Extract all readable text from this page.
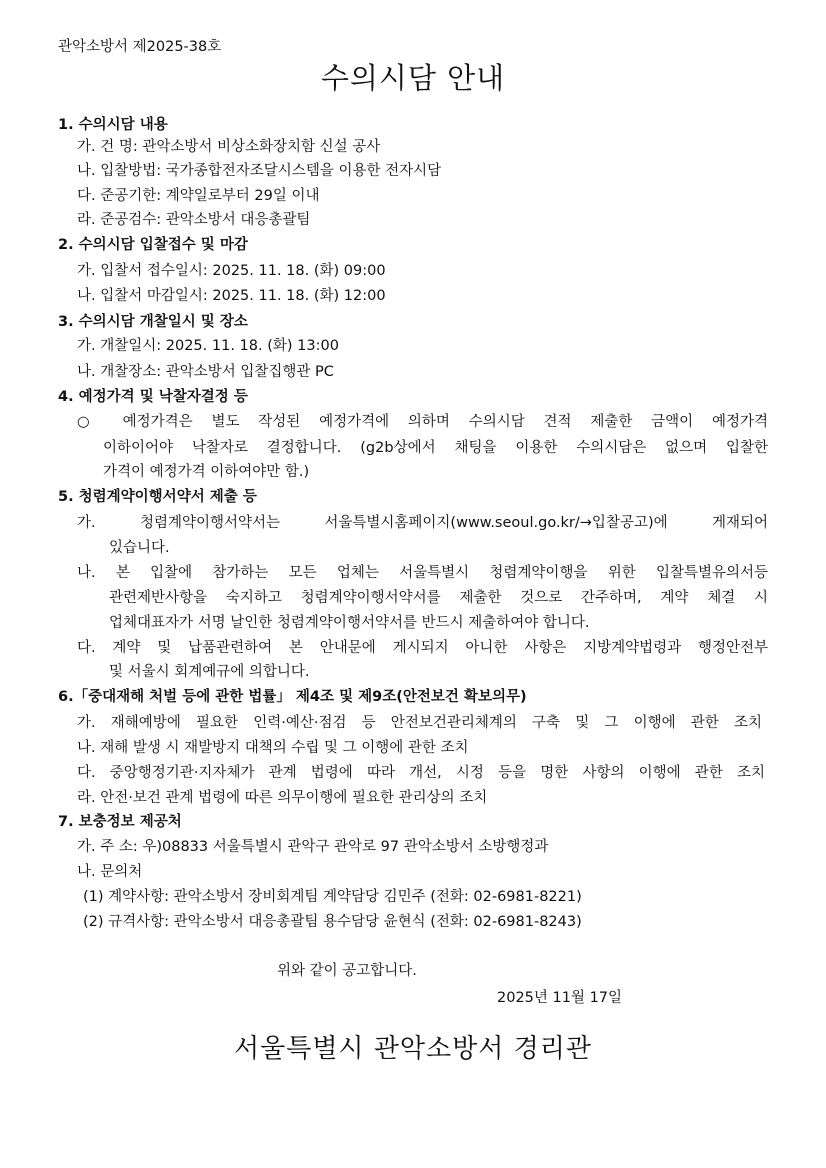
관악소방서 제2025-38호
수의시담 안내
1. 수의시담 내용
가. 건 명: 관악소방서 비상소화장치함 신설 공사
나. 입찰방법: 국가종합전자조달시스템을 이용한 전자시담
다. 준공기한: 계약일로부터 29일 이내
라. 준공검수: 관악소방서 대응총괄팀
2. 수의시담 입찰접수 및 마감
가. 입찰서 접수일시: 2025. 11. 18. (화) 09:00
나. 입찰서 마감일시: 2025. 11. 18. (화) 12:00
3. 수의시담 개찰일시 및 장소
가. 개찰일시: 2025. 11. 18. (화) 13:00
나. 개찰장소: 관악소방서 입찰집행관 PC
4. 예정가격 및 낙찰자결정 등
○ 예정가격은 별도 작성된 예정가격에 의하며 수의시담 견적 제출한 금액이 예정가격
이하이어야 낙찰자로 결정합니다. (g2b상에서 채팅을 이용한 수의시담은 없으며 입찰한
가격이 예정가격 이하여야만 함.)
5. 청렴계약이행서약서 제출 등
가. 청렴계약이행서약서는 서울특별시홈페이지(www.seoul.go.kr/→입찰공고)에 게재되어
있습니다.
나. 본 입찰에 참가하는 모든 업체는 서울특별시 청렴계약이행을 위한 입찰특별유의서등
관련제반사항을 숙지하고 청렴계약이행서약서를 제출한 것으로 간주하며, 계약 체결 시
업체대표자가 서명 날인한 청렴계약이행서약서를 반드시 제출하여야 합니다.
다. 계약 및 납품관련하여 본 안내문에 게시되지 아니한 사항은 지방계약법령과 행정안전부
및 서울시 회계예규에 의합니다.
6.「중대재해 처벌 등에 관한 법률」 제4조 및 제9조(안전보건 확보의무)
가. 재해예방에 필요한 인력·예산·점검 등 안전보건관리체계의 구축 및 그 이행에 관한 조치
나. 재해 발생 시 재발방지 대책의 수립 및 그 이행에 관한 조치
다. 중앙행정기관·지자체가 관계 법령에 따라 개선, 시정 등을 명한 사항의 이행에 관한 조치
라. 안전·보건 관계 법령에 따른 의무이행에 필요한 관리상의 조치
7. 보충정보 제공처
가. 주 소: 우)08833 서울특별시 관악구 관악로 97 관악소방서 소방행정과
나. 문의처
(1) 계약사항: 관악소방서 장비회계팀 계약담당 김민주 (전화: 02-6981-8221)
(2) 규격사항: 관악소방서 대응총괄팀 용수담당 윤현식 (전화: 02-6981-8243)
위와 같이 공고합니다.
2025년 11월 17일
서울특별시 관악소방서 경리관
